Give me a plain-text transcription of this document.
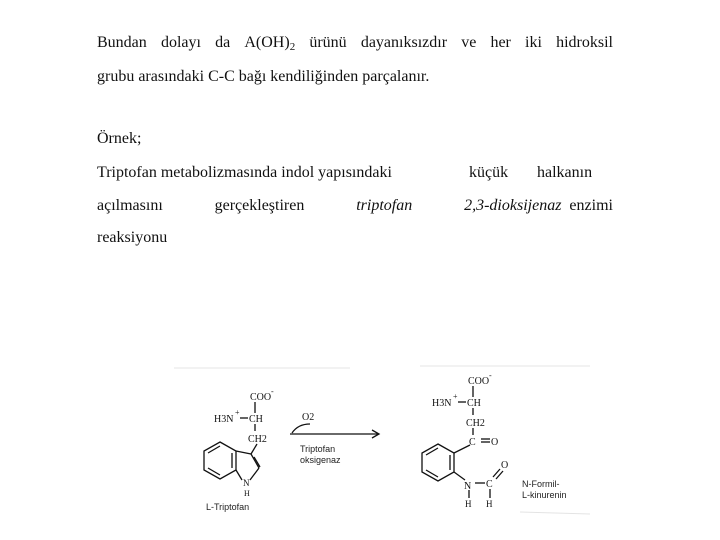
Bundan dolayı da $A(OH)_2$ ürünü dayanıksızdır ve her iki hidroksil
grubu arasındaki C-C bağı kendiliğinden parçalanır.
Örnek;
Triptofan metabolizmasında indol yapısındaki	küçük halkanın
açılmasını	gerçekleştiren	triptofan	2,3-dioksijenaz enzimi
reaksiyonu
COO
-
H3N
+
CH
CH2
N
H
L-Triptofan
O2
Triptofan
oksigenaz
COO
-
H3N
+
CH
CH2
C O
N C
O
H H
N-Formil-
L-kinurenin
